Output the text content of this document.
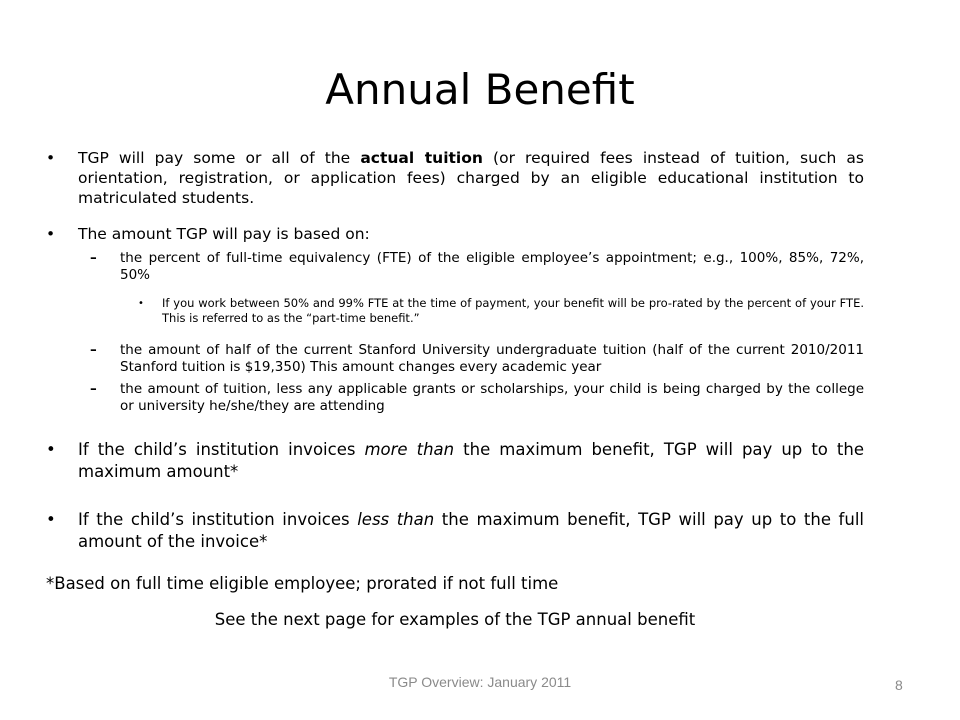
Annual Benefit
• TGP will pay some or all of the actual tuition (or required fees instead of tuition, such as orientation, registration, or application fees) charged by an eligible educational institution to matriculated students.
• The amount TGP will pay is based on:
– the percent of full-time equivalency (FTE) of the eligible employee’s appointment; e.g., 100%, 85%, 72%, 50%
• If you work between 50% and 99% FTE at the time of payment, your benefit will be pro-rated by the percent of your FTE. This is referred to as the “part-time benefit.”
– the amount of half of the current Stanford University undergraduate tuition (half of the current 2010/2011 Stanford tuition is $19,350) This amount changes every academic year
– the amount of tuition, less any applicable grants or scholarships, your child is being charged by the college or university he/she/they are attending
• If the child’s institution invoices more than the maximum benefit, TGP will pay up to the maximum amount*
• If the child’s institution invoices less than the maximum benefit, TGP will pay up to the full amount of the invoice*
*Based on full time eligible employee; prorated if not full time
See the next page for examples of the TGP annual benefit
TGP Overview: January 2011	8
